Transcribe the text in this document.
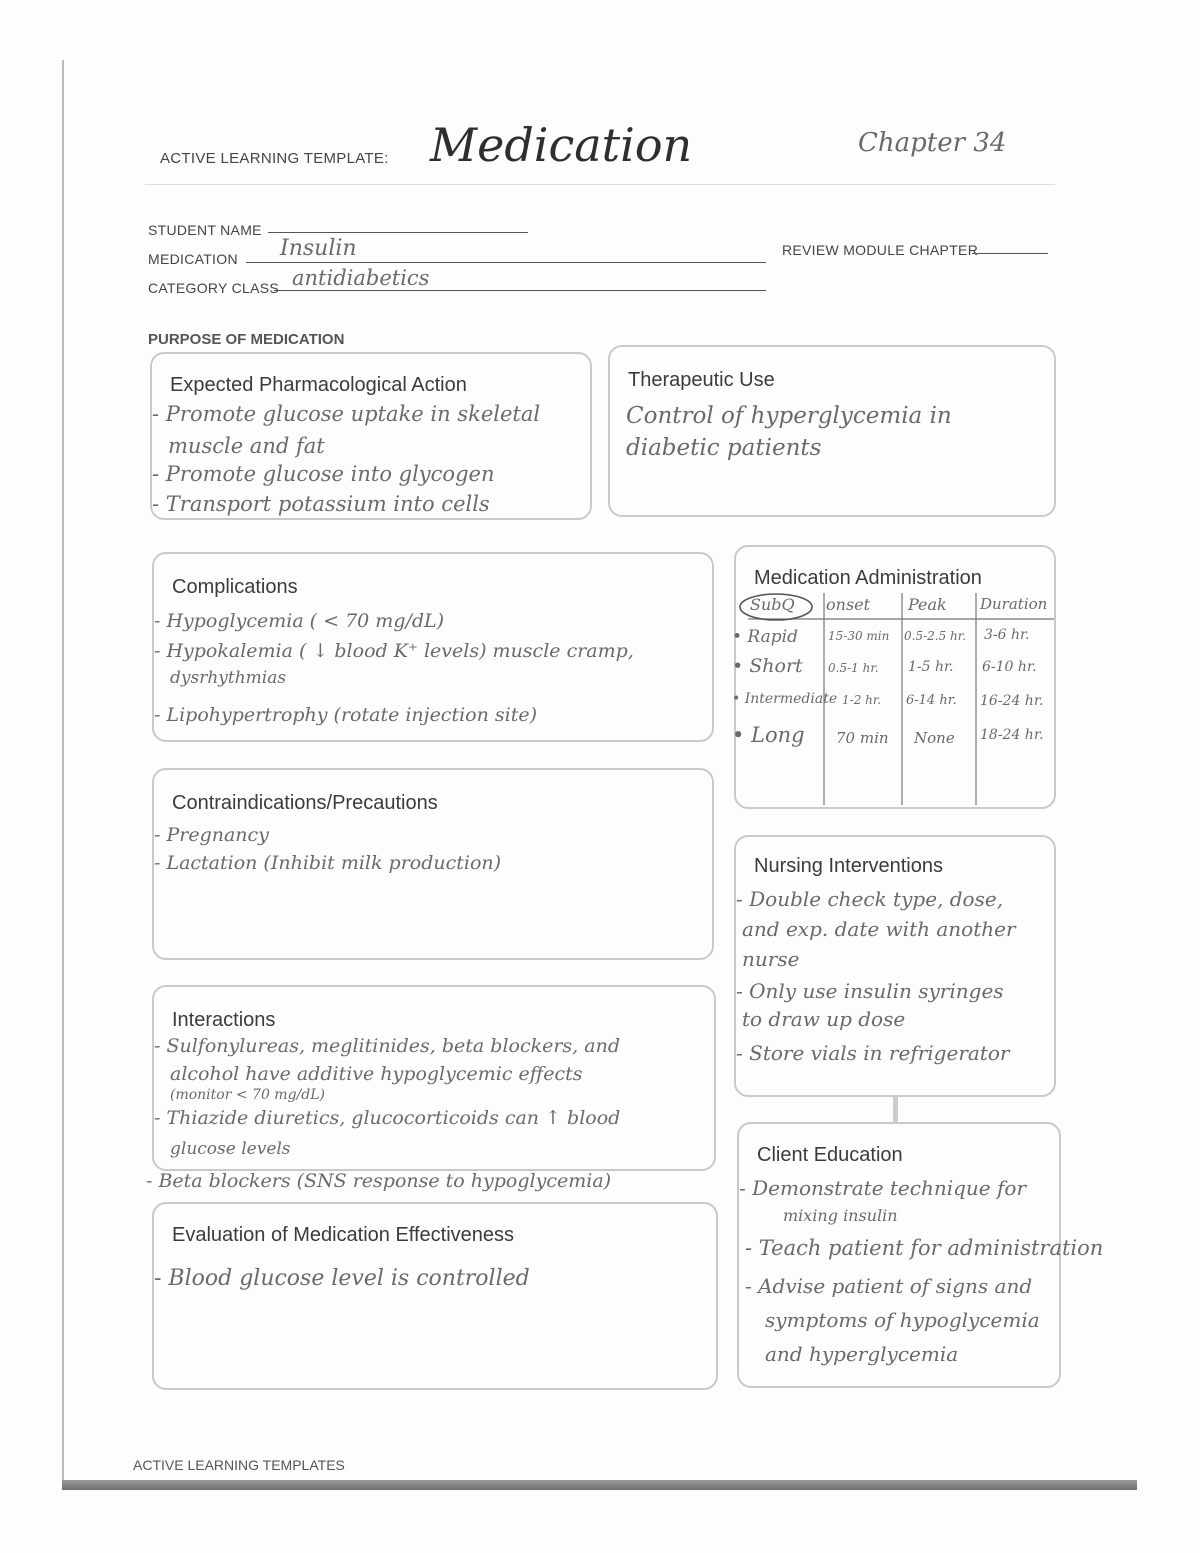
ACTIVE LEARNING TEMPLATE: Medication	Chapter 34
STUDENT NAME
MEDICATION Insulin	REVIEW MODULE CHAPTER
CATEGORY CLASS antidiabetics
PURPOSE OF MEDICATION
Expected Pharmacological Action
- Promote glucose uptake in skeletal
muscle and fat
- Promote glucose into glycogen
- Transport potassium into cells
Therapeutic Use
Control of hyperglycemia in
diabetic patients
Complications
- Hypoglycemia ( < 70 mg/dL)
- Hypokalemia ( ↓ blood K⁺ levels) muscle cramp,
dysrhythmias
- Lipohypertrophy (rotate injection site)
Medication Administration
SubQ onset Peak Duration
• Rapid	15-30 min 0.5-2.5 hr. 3-6 hr.
• Short 0.5-1 hr. 1-5 hr. 6-10 hr.
• Intermediate 1-2 hr. 6-14 hr. 16-24 hr.
• Long 70 min None 18-24 hr.
Contraindications/Precautions
- Pregnancy
- Lactation (Inhibit milk production)	Nursing Interventions
- Double check type, dose,
and exp. date with another
nurse
- Only use insulin syringes
to draw up dose
- Store vials in refrigerator
Interactions
- Sulfonylureas, meglitinides, beta blockers, and
alcohol have additive hypoglycemic effects
(monitor < 70 mg/dL)
- Thiazide diuretics, glucocorticoids can ↑ blood
glucose levels
- Beta blockers (SNS response to hypoglycemia)
Client Education
- Demonstrate technique for
mixing insulin
- Teach patient for administration
- Advise patient of signs and
symptoms of hypoglycemia
and hyperglycemia
Evaluation of Medication Effectiveness
- Blood glucose level is controlled
ACTIVE LEARNING TEMPLATES
